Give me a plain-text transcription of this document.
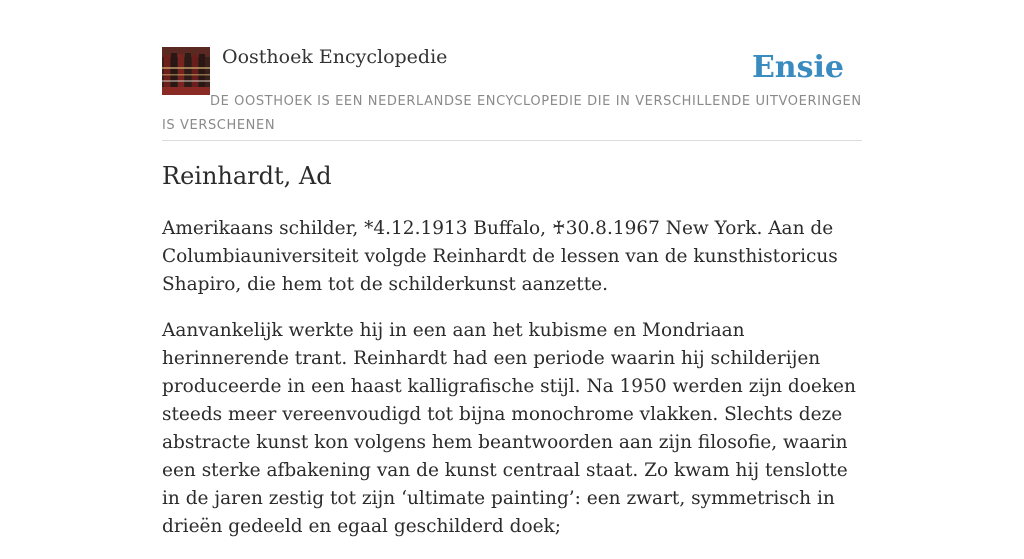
Oosthoek Encyclopedie	Ensie
DE OOSTHOEK IS EEN NEDERLANDSE ENCYCLOPEDIE DIE IN VERSCHILLENDE UITVOERINGEN IS VERSCHENEN
Reinhardt, Ad

Amerikaans schilder, *4.12.1913 Buffalo, ♰30.8.1967 New York. Aan de Columbiauniversiteit volgde Reinhardt de lessen van de kunsthistoricus Shapiro, die hem tot de schilderkunst aanzette.

Aanvankelijk werkte hij in een aan het kubisme en Mondriaan herinnerende trant. Reinhardt had een periode waarin hij schilderijen produceerde in een haast kalligrafische stijl. Na 1950 werden zijn doeken steeds meer vereenvoudigd tot bijna monochrome vlakken. Slechts deze abstracte kunst kon volgens hem beantwoorden aan zijn filosofie, waarin een sterke afbakening van de kunst centraal staat. Zo kwam hij tenslotte in de jaren zestig tot zijn ‘ultimate painting’: een zwart, symmetrisch in drieën gedeeld en egaal geschilderd doek;
